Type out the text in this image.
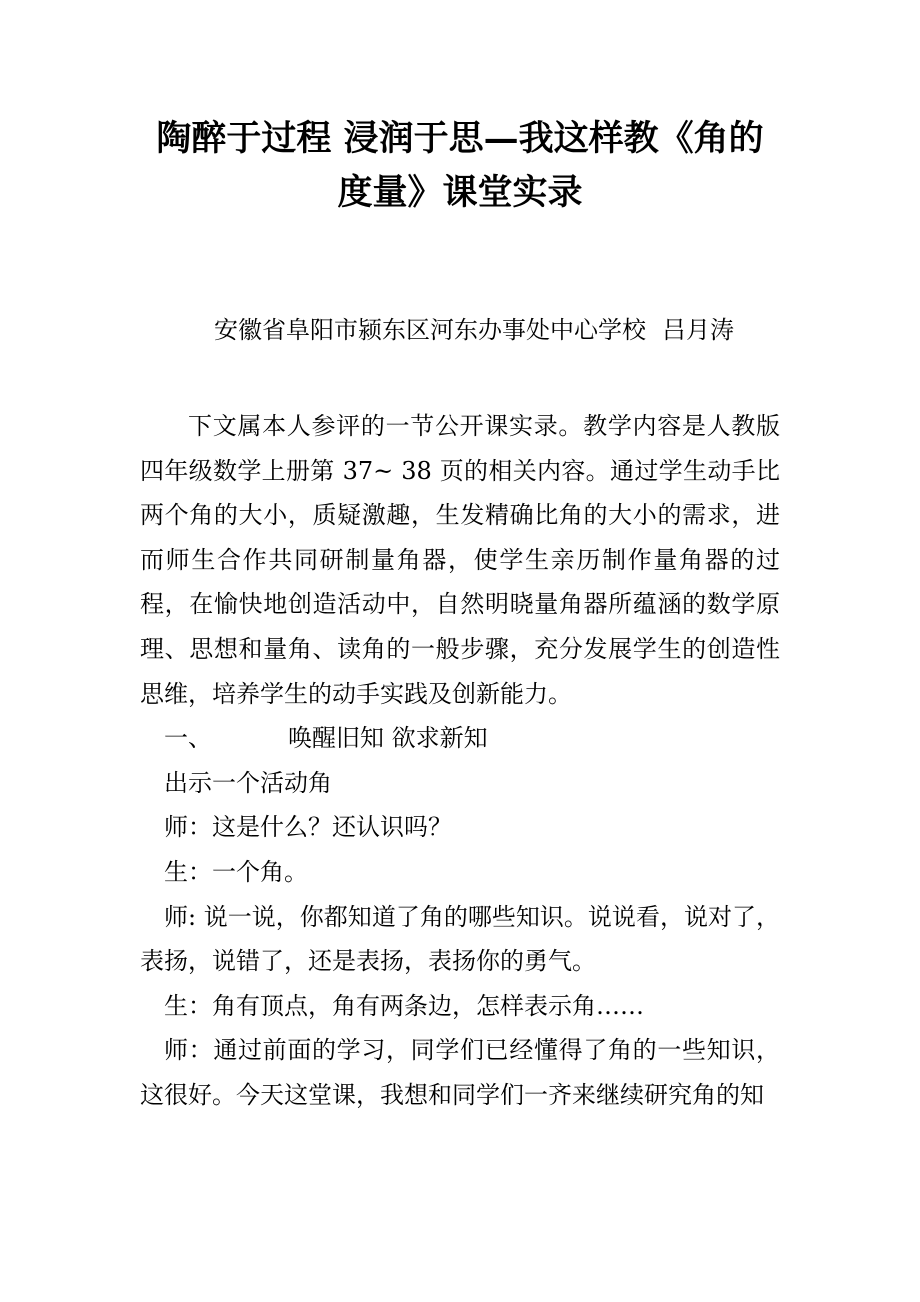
陶醉于过程 浸润于思—我这样教《角的度量》课堂实录

安徽省阜阳市颍东区河东办事处中心学校 吕月涛

下文属本人参评的一节公开课实录。教学内容是人教版四年级数学上册第 37~ 38 页的相关内容。通过学生动手比两个角的大小，质疑激趣，生发精确比角的大小的需求，进而师生合作共同研制量角器，使学生亲历制作量角器的过程，在愉快地创造活动中，自然明晓量角器所蕴涵的数学原理、思想和量角、读角的一般步骤，充分发展学生的创造性思维，培养学生的动手实践及创新能力。

一、	唤醒旧知 欲求新知

出示一个活动角

师：这是什么？还认识吗？

生：一个角。

师: 说一说，你都知道了角的哪些知识。说说看，说对了，表扬，说错了，还是表扬，表扬你的勇气。

生：角有顶点，角有两条边，怎样表示角……

师：通过前面的学习，同学们已经懂得了角的一些知识，这很好。今天这堂课，我想和同学们一齐来继续研究角的知
